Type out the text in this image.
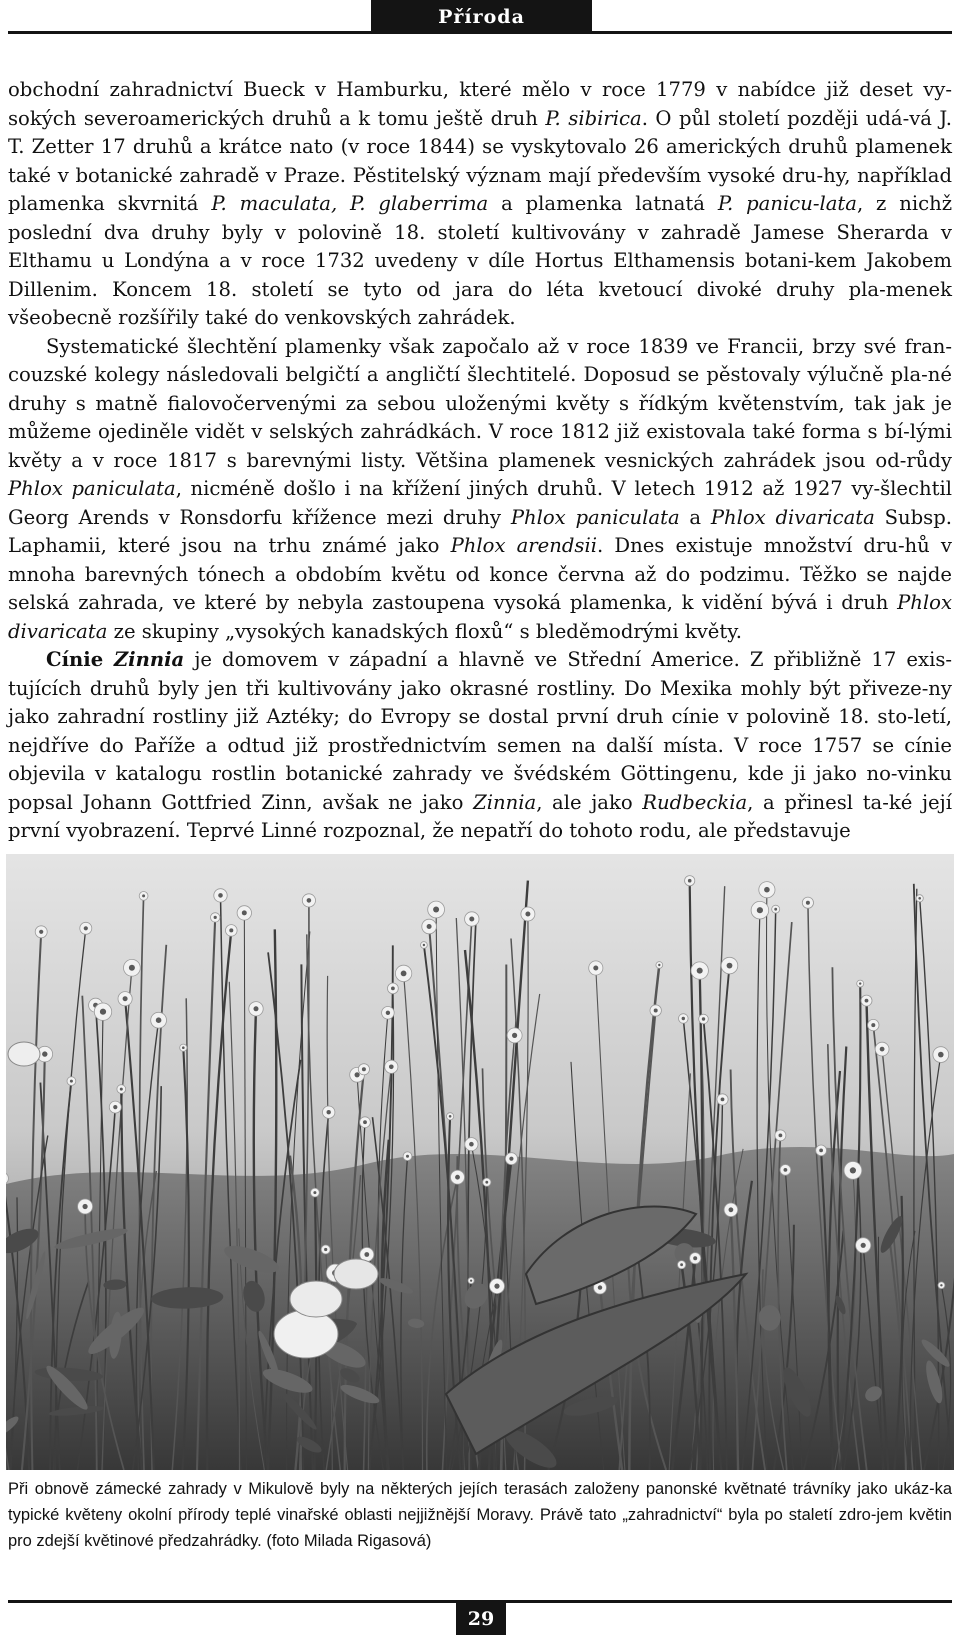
Příroda

obchodní zahradnictví Bueck v Hamburku, které mělo v roce 1779 v nabídce již deset vy-sokých severoamerických druhů a k tomu ještě druh P. sibirica. O půl století později udá-vá J. T. Zetter 17 druhů a krátce nato (v roce 1844) se vyskytovalo 26 amerických druhů plamenek také v botanické zahradě v Praze. Pěstitelský význam mají především vysoké dru-hy, například plamenka skvrnitá P. maculata, P. glaberrima a plamenka latnatá P. panicu-lata, z nichž poslední dva druhy byly v polovině 18. století kultivovány v zahradě Jamese Sherarda v Elthamu u Londýna a v roce 1732 uvedeny v díle Hortus Elthamensis botani-kem Jakobem Dillenim. Koncem 18. století se tyto od jara do léta kvetoucí divoké druhy pla-menek všeobecně rozšířily také do venkovských zahrádek.

Systematické šlechtění plamenky však započalo až v roce 1839 ve Francii, brzy své fran-couzské kolegy následovali belgičtí a angličtí šlechtitelé. Doposud se pěstovaly výlučně pla-né druhy s matně fialovočervenými za sebou uloženými květy s řídkým květenstvím, tak jak je můžeme ojediněle vidět v selských zahrádkách. V roce 1812 již existovala také forma s bí-lými květy a v roce 1817 s barevnými listy. Většina plamenek vesnických zahrádek jsou od-růdy Phlox paniculata, nicméně došlo i na křížení jiných druhů. V letech 1912 až 1927 vy-šlechtil Georg Arends v Ronsdorfu křížence mezi druhy Phlox paniculata a Phlox divaricata Subsp. Laphamii, které jsou na trhu známé jako Phlox arendsii. Dnes existuje množství dru-hů v mnoha barevných tónech a obdobím květu od konce června až do podzimu. Těžko se najde selská zahrada, ve které by nebyla zastoupena vysoká plamenka, k vidění bývá i druh Phlox divaricata ze skupiny „vysokých kanadských floxů“ s bleděmodrými květy.

Cínie Zinnia je domovem v západní a hlavně ve Střední Americe. Z přibližně 17 exis-tujících druhů byly jen tři kultivovány jako okrasné rostliny. Do Mexika mohly být přiveze-ny jako zahradní rostliny již Aztéky; do Evropy se dostal první druh cínie v polovině 18. sto-letí, nejdříve do Paříže a odtud již prostřednictvím semen na další místa. V roce 1757 se cínie objevila v katalogu rostlin botanické zahrady ve švédském Göttingenu, kde ji jako no-vinku popsal Johann Gottfried Zinn, avšak ne jako Zinnia, ale jako Rudbeckia, a přinesl ta-ké její první vyobrazení. Teprvé Linné rozpoznal, že nepatří do tohoto rodu, ale představuje

Při obnově zámecké zahrady v Mikulově byly na některých jejích terasách založeny panonské květnaté trávníky jako ukáz-ka typické květeny okolní přírody teplé vinařské oblasti nejjižnější Moravy. Právě tato „zahradnictví“ byla po staletí zdro-jem květin pro zdejší květinové předzahrádky. (foto Milada Rigasová)
29
